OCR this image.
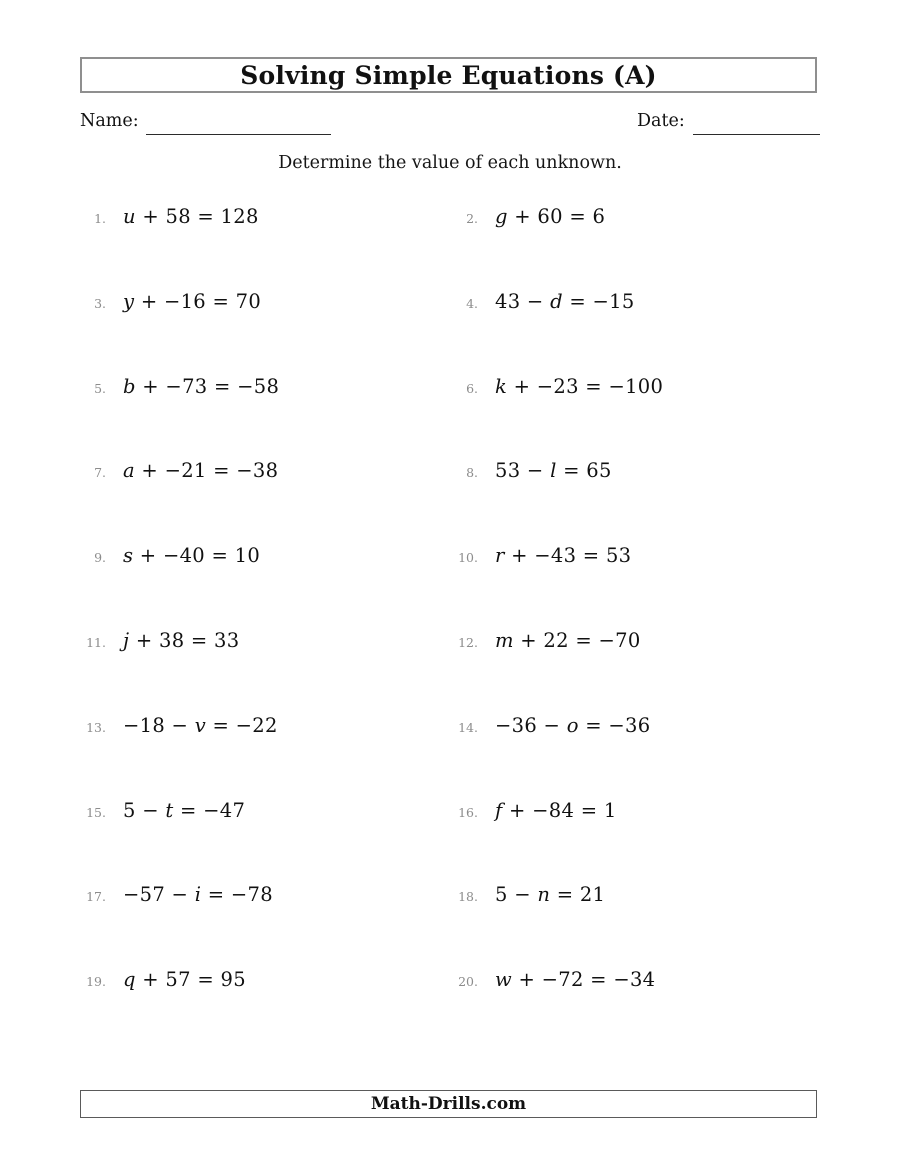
Solving Simple Equations (A)
Name:	Date:
Determine the value of each unknown.
1. u + 58 = 128	2. g + 60 = 6
3. y + −16 = 70	4. 43 − d = −15
5. b + −73 = −58	6. k + −23 = −100
7. a + −21 = −38	8. 53 − l = 65
9. s + −40 = 10	10. r + −43 = 53
11. j + 38 = 33	12. m + 22 = −70
13. −18 − v = −22	14. −36 − o = −36
15. 5 − t = −47	16. f + −84 = 1
17. −57 − i = −78	18. 5 − n = 21
19. q + 57 = 95	20. w + −72 = −34
Math-Drills.com
